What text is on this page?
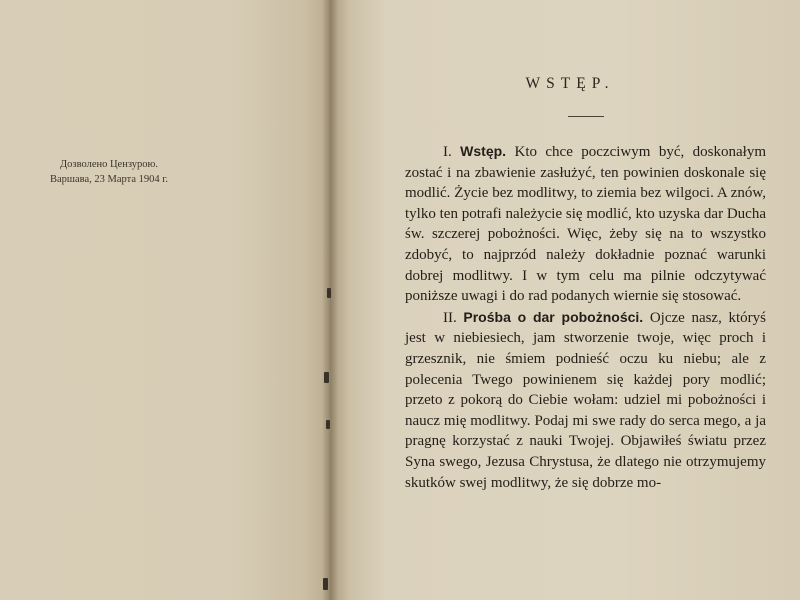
Дозволено Цензурою.
Варшава, 23 Марта 1904 г.
WSTĘP.

I. Wstęp. Kto chce poczciwym być, doskonałym zostać i na zbawienie zasłużyć, ten powinien doskonale się modlić. Życie bez modlitwy, to ziemia bez wilgoci. A znów, tylko ten potrafi należycie się modlić, kto uzyska dar Ducha św. szczerej pobożności. Więc, żeby się na to wszystko zdobyć, to najprzód należy dokładnie poznać warunki dobrej modlitwy. I w tym celu ma pilnie odczytywać poniższe uwagi i do rad podanych wiernie się stosować.

II. Prośba o dar pobożności. Ojcze nasz, któryś jest w niebiesiech, jam stworzenie twoje, więc proch i grzesznik, nie śmiem podnieść oczu ku niebu; ale z polecenia Twego powinienem się każdej pory modlić; przeto z pokorą do Ciebie wołam: udziel mi pobożności i naucz mię modlitwy. Podaj mi swe rady do serca mego, a ja pragnę korzystać z nauki Twojej. Objawiłeś światu przez Syna swego, Jezusa Chrystusa, że dlatego nie otrzymujemy skutków swej modlitwy, że się dobrze mo-
